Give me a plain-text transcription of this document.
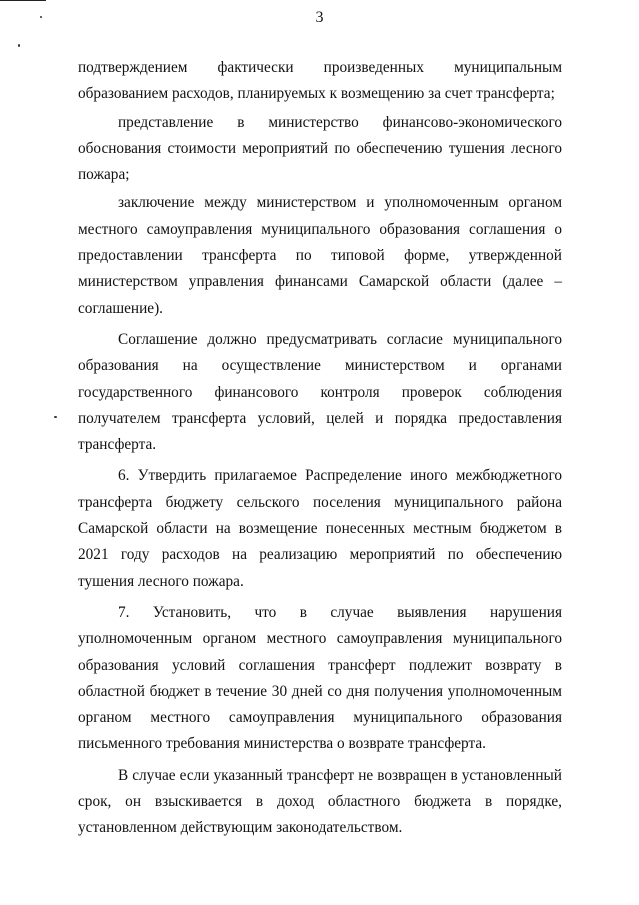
3

подтверждением фактически произведенных муниципальным образованием расходов, планируемых к возмещению за счет трансферта;

представление в министерство финансово-экономического обоснования стоимости мероприятий по обеспечению тушения лесного пожара;

заключение между министерством и уполномоченным органом местного самоуправления муниципального образования соглашения о предоставлении трансферта по типовой форме, утвержденной министерством управления финансами Самарской области (далее – соглашение).

Соглашение должно предусматривать согласие муниципального образования на осуществление министерством и органами государственного финансового контроля проверок соблюдения получателем трансферта условий, целей и порядка предоставления трансферта.

6. Утвердить прилагаемое Распределение иного межбюджетного трансферта бюджету сельского поселения муниципального района Самарской области на возмещение понесенных местным бюджетом в 2021 году расходов на реализацию мероприятий по обеспечению тушения лесного пожара.

7. Установить, что в случае выявления нарушения уполномоченным органом местного самоуправления муниципального образования условий соглашения трансферт подлежит возврату в областной бюджет в течение 30 дней со дня получения уполномоченным органом местного самоуправления муниципального образования письменного требования министерства о возврате трансферта.

В случае если указанный трансферт не возвращен в установленный срок, он взыскивается в доход областного бюджета в порядке, установленном действующим законодательством.
